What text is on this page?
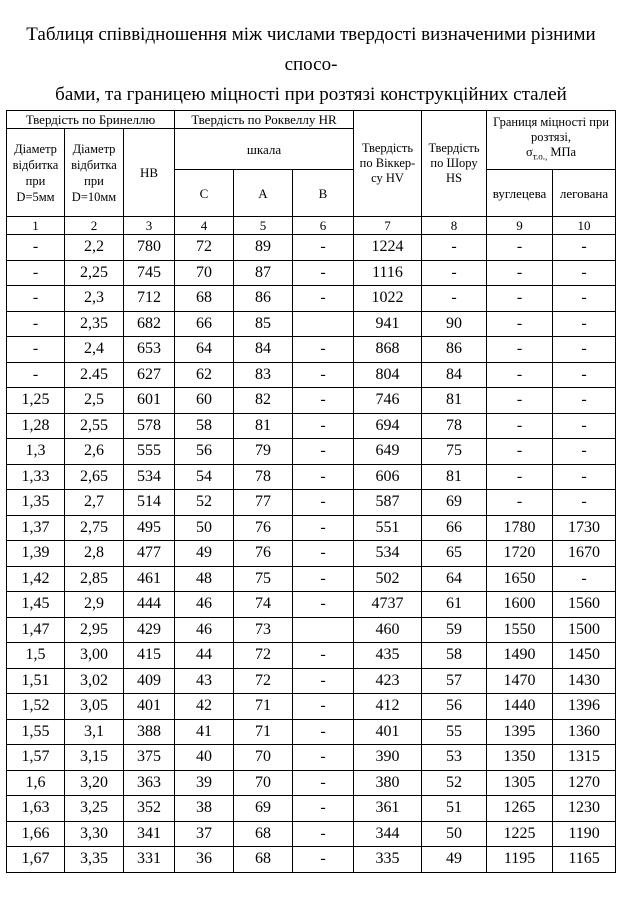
Таблиця співвідношення між числами твердості визначеними різними спосо-
бами, та границею міцності при розтязі конструкційних сталей
Твердість по Бринеллю			Твердість по Роквеллу HR			Твердість по Віккер-су HV	Твердість по Шору HS	Границя міцності при розтязі,
$\sigma_{т.о.,}$ МПа	
Діаметр відбитка при D=5мм	Діаметр відбитка при D=10мм	HB	шкала						
			C	A	B			вуглецева	легована
1	2	3	4	5	6	7	8	9	10
-	2,2	780	72	89	-	1224	-	-	-
-	2,25	745	70	87	-	1116	-	-	-
-	2,3	712	68	86	-	1022	-	-	-
-	2,35	682	66	85		941	90	-	-
-	2,4	653	64	84	-	868	86	-	-
-	2.45	627	62	83	-	804	84	-	-
1,25	2,5	601	60	82	-	746	81	-	-
1,28	2,55	578	58	81	-	694	78	-	-
1,3	2,6	555	56	79	-	649	75	-	-
1,33	2,65	534	54	78	-	606	81	-	-
1,35	2,7	514	52	77	-	587	69	-	-
1,37	2,75	495	50	76	-	551	66	1780	1730
1,39	2,8	477	49	76	-	534	65	1720	1670
1,42	2,85	461	48	75	-	502	64	1650	-
1,45	2,9	444	46	74	-	4737	61	1600	1560
1,47	2,95	429	46	73		460	59	1550	1500
1,5	3,00	415	44	72	-	435	58	1490	1450
1,51	3,02	409	43	72	-	423	57	1470	1430
1,52	3,05	401	42	71	-	412	56	1440	1396
1,55	3,1	388	41	71	-	401	55	1395	1360
1,57	3,15	375	40	70	-	390	53	1350	1315
1,6	3,20	363	39	70	-	380	52	1305	1270
1,63	3,25	352	38	69	-	361	51	1265	1230
1,66	3,30	341	37	68	-	344	50	1225	1190
1,67	3,35	331	36	68	-	335	49	1195	1165
